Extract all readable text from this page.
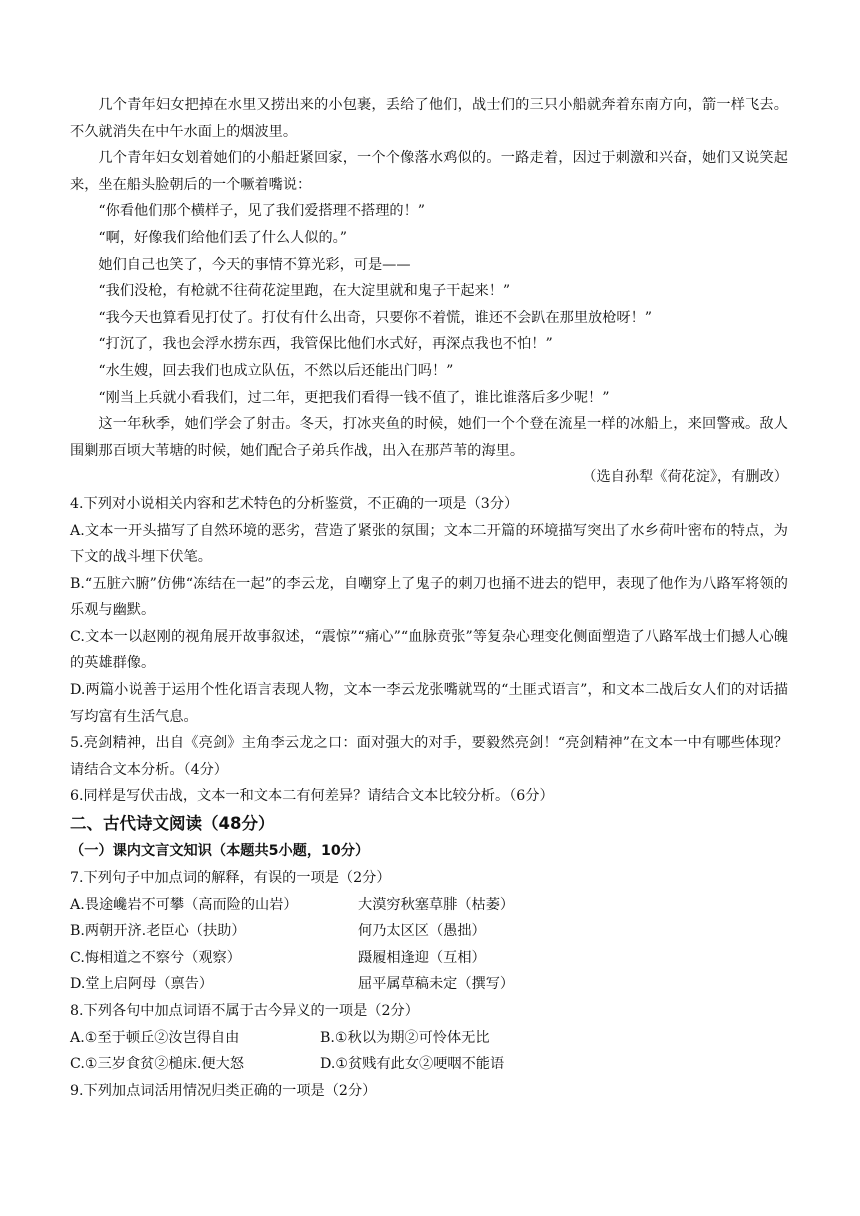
几个青年妇女把掉在水里又捞出来的小包裹，丢给了他们，战士们的三只小船就奔着东南方向，箭一样飞去。不久就消失在中午水面上的烟波里。

几个青年妇女划着她们的小船赶紧回家，一个个像落水鸡似的。一路走着，因过于刺激和兴奋，她们又说笑起来，坐在船头脸朝后的一个噘着嘴说：

“你看他们那个横样子，见了我们爱搭理不搭理的！”

“啊，好像我们给他们丢了什么人似的。”

她们自己也笑了，今天的事情不算光彩，可是——

“我们没枪，有枪就不往荷花淀里跑，在大淀里就和鬼子干起来！”

“我今天也算看见打仗了。打仗有什么出奇，只要你不着慌，谁还不会趴在那里放枪呀！”

“打沉了，我也会浮水捞东西，我管保比他们水式好，再深点我也不怕！”

“水生嫂，回去我们也成立队伍，不然以后还能出门吗！”

“刚当上兵就小看我们，过二年，更把我们看得一钱不值了，谁比谁落后多少呢！”

这一年秋季，她们学会了射击。冬天，打冰夹鱼的时候，她们一个个登在流星一样的冰船上，来回警戒。敌人围剿那百顷大苇塘的时候，她们配合子弟兵作战，出入在那芦苇的海里。

（选自孙犁《荷花淀》，有删改）

4.下列对小说相关内容和艺术特色的分析鉴赏，不正确的一项是（3分）

A.文本一开头描写了自然环境的恶劣，营造了紧张的氛围；文本二开篇的环境描写突出了水乡荷叶密布的特点，为下文的战斗埋下伏笔。

B.“五脏六腑”仿佛“冻结在一起”的李云龙，自嘲穿上了鬼子的刺刀也捅不进去的铠甲，表现了他作为八路军将领的乐观与幽默。

C.文本一以赵刚的视角展开故事叙述，“震惊”“痛心”“血脉贲张”等复杂心理变化侧面塑造了八路军战士们撼人心魄的英雄群像。

D.两篇小说善于运用个性化语言表现人物，文本一李云龙张嘴就骂的“土匪式语言”，和文本二战后女人们的对话描写均富有生活气息。

5.亮剑精神，出自《亮剑》主角李云龙之口：面对强大的对手，要毅然亮剑！“亮剑精神”在文本一中有哪些体现？请结合文本分析。（4分）

6.同样是写伏击战，文本一和文本二有何差异？请结合文本比较分析。（6分）

二、古代诗文阅读（48分）

（一）课内文言文知识（本题共5小题，10分）

7.下列句子中加点词的解释，有误的一项是（2分）

A.畏途巉岩不可攀（高而险的山岩）	大漠穷秋塞草腓（枯萎）
B.两朝开济.老臣心（扶助）	何乃太区区（愚拙）
C.悔相道之不察兮（观察）	蹑履相逢迎（互相）
D.堂上启阿母（禀告）	屈平属草稿未定（撰写）

8.下列各句中加点词语不属于古今异义的一项是（2分）

A.①至于顿丘②汝岂得自由	B.①秋以为期②可怜体无比
C.①三岁食贫②槌床.便大怒	D.①贫贱有此女②哽咽不能语

9.下列加点词活用情况归类正确的一项是（2分）
